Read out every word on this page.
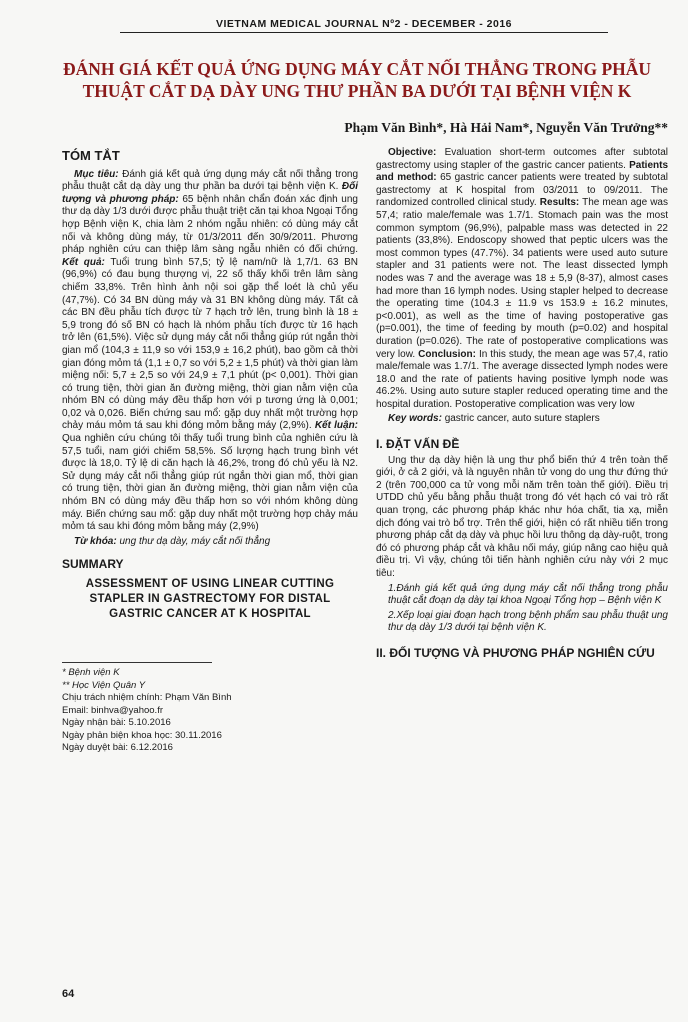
VIETNAM MEDICAL JOURNAL Nº2 - DECEMBER - 2016
ĐÁNH GIÁ KẾT QUẢ ỨNG DỤNG MÁY CẮT NỐI THẲNG TRONG PHẪU THUẬT CẮT DẠ DÀY UNG THƯ PHẦN BA DƯỚI TẠI BỆNH VIỆN K
Phạm Văn Bình*, Hà Hải Nam*, Nguyễn Văn Trưởng**
TÓM TẮT

Mục tiêu: Đánh giá kết quả ứng dụng máy cắt nối thẳng trong phẫu thuật cắt dạ dày ung thư phần ba dưới tại bệnh viện K. Đối tượng và phương pháp: 65 bệnh nhân chẩn đoán xác định ung thư dạ dày 1/3 dưới được phẫu thuật triệt căn tại khoa Ngoại Tổng hợp Bệnh viện K, chia làm 2 nhóm ngẫu nhiên: có dùng máy cắt nối và không dùng máy, từ 01/3/2011 đến 30/9/2011. Phương pháp nghiên cứu can thiệp lâm sàng ngẫu nhiên có đối chứng. Kết quả: Tuổi trung bình 57,5; tỷ lệ nam/nữ là 1,7/1. 63 BN (96,9%) có đau bụng thượng vị, 22 số thấy khối trên lâm sàng chiếm 33,8%. Trên hình ảnh nội soi gặp thể loét là chủ yếu (47,7%). Có 34 BN dùng máy và 31 BN không dùng máy. Tất cả các BN đều phẫu tích được từ 7 hạch trở lên, trung bình là 18 ± 5,9 trong đó số BN có hạch là nhóm phẫu tích được từ 16 hạch trở lên (61,5%). Việc sử dụng máy cắt nối thẳng giúp rút ngắn thời gian mổ (104,3 ± 11,9 so với 153,9 ± 16,2 phút), bao gồm cả thời gian đóng mỏm tá (1,1 ± 0,7 so với 5,2 ± 1,5 phút) và thời gian làm miệng nối: 5,7 ± 2,5 so với 24,9 ± 7,1 phút (p< 0,001). Thời gian có trung tiện, thời gian ăn đường miệng, thời gian nằm viện của nhóm BN có dùng máy đều thấp hơn với p tương ứng là 0,001; 0,02 và 0,026. Biến chứng sau mổ: gặp duy nhất một trường hợp chảy máu mỏm tá sau khi đóng mỏm bằng máy (2,9%). Kết luận: Qua nghiên cứu chúng tôi thấy tuổi trung bình của nghiên cứu là 57,5 tuổi, nam giới chiếm 58,5%. Số lượng hạch trung bình vét được là 18,0. Tỷ lệ di căn hạch là 46,2%, trong đó chủ yếu là N2. Sử dụng máy cắt nối thẳng giúp rút ngắn thời gian mổ, thời gian có trung tiện, thời gian ăn đường miệng, thời gian nằm viện của nhóm BN có dùng máy đều thấp hơn so với nhóm không dùng máy. Biến chứng sau mổ: gặp duy nhất một trường hợp chảy máu mỏm tá sau khi đóng mỏm bằng máy (2,9%)

Từ khóa: ung thư dạ dày, máy cắt nối thẳng

SUMMARY
ASSESSMENT OF USING LINEAR CUTTING STAPLER IN GASTRECTOMY FOR DISTAL GASTRIC CANCER AT K HOSPITAL

* Bệnh viện K

** Học Viện Quân Y

Chịu trách nhiệm chính: Phạm Văn Bình

Email: binhva@yahoo.fr

Ngày nhận bài: 5.10.2016

Ngày phản biện khoa học: 30.11.2016

Ngày duyệt bài: 6.12.2016

Objective: Evaluation short-term outcomes after subtotal gastrectomy using stapler of the gastric cancer patients. Patients and method: 65 gastric cancer patients were treated by subtotal gastrectomy at K hospital from 03/2011 to 09/2011. The randomized controlled clinical study. Results: The mean age was 57,4; ratio male/female was 1.7/1. Stomach pain was the most common symptom (96,9%), palpable mass was detected in 22 patients (33,8%). Endoscopy showed that peptic ulcers was the most common types (47.7%). 34 patients were used auto suture stapler and 31 patients were not. The least dissected lymph nodes was 7 and the average was 18 ± 5,9 (8-37), almost cases had more than 16 lymph nodes. Using stapler helped to decrease the operating time (104.3 ± 11.9 vs 153.9 ± 16.2 minutes, p<0.001), as well as the time of having postoperative gas (p=0.001), the time of feeding by mouth (p=0.02) and hospital duration (p=0.026). The rate of postoperative complications was very low. Conclusion: In this study, the mean age was 57,4, ratio male/female was 1.7/1. The average dissected lymph nodes were 18.0 and the rate of patients having positive lymph node was 46.2%. Using auto suture stapler reduced operating time and the hospital duration. Postoperative complication was very low

Key words: gastric cancer, auto suture staplers

I. ĐẶT VẤN ĐỀ

Ung thư dạ dày hiện là ung thư phổ biến thứ 4 trên toàn thế giới, ở cả 2 giới, và là nguyên nhân tử vong do ung thư đứng thứ 2 (trên 700,000 ca tử vong mỗi năm trên toàn thế giới). Điều trị UTDD chủ yếu bằng phẫu thuật trong đó vét hạch có vai trò rất quan trọng, các phương pháp khác như hóa chất, tia xạ, miễn dịch đóng vai trò bổ trợ. Trên thế giới, hiện có rất nhiều tiến trong phương pháp cắt dạ dày và phục hồi lưu thông dạ dày-ruột, trong đó có phương pháp cắt và khâu nối máy, giúp nâng cao hiệu quả điều trị. Vì vậy, chúng tôi tiến hành nghiên cứu này với 2 mục tiêu:

1.Đánh giá kết quả ứng dụng máy cắt nối thẳng trong phẫu thuật cắt đoạn dạ dày tại khoa Ngoại Tổng hợp – Bệnh viện K

2.Xếp loại giai đoạn hạch trong bệnh phẩm sau phẫu thuật ung thư dạ dày 1/3 dưới tại bệnh viện K.

II. ĐỐI TƯỢNG VÀ PHƯƠNG PHÁP NGHIÊN CỨU
64
